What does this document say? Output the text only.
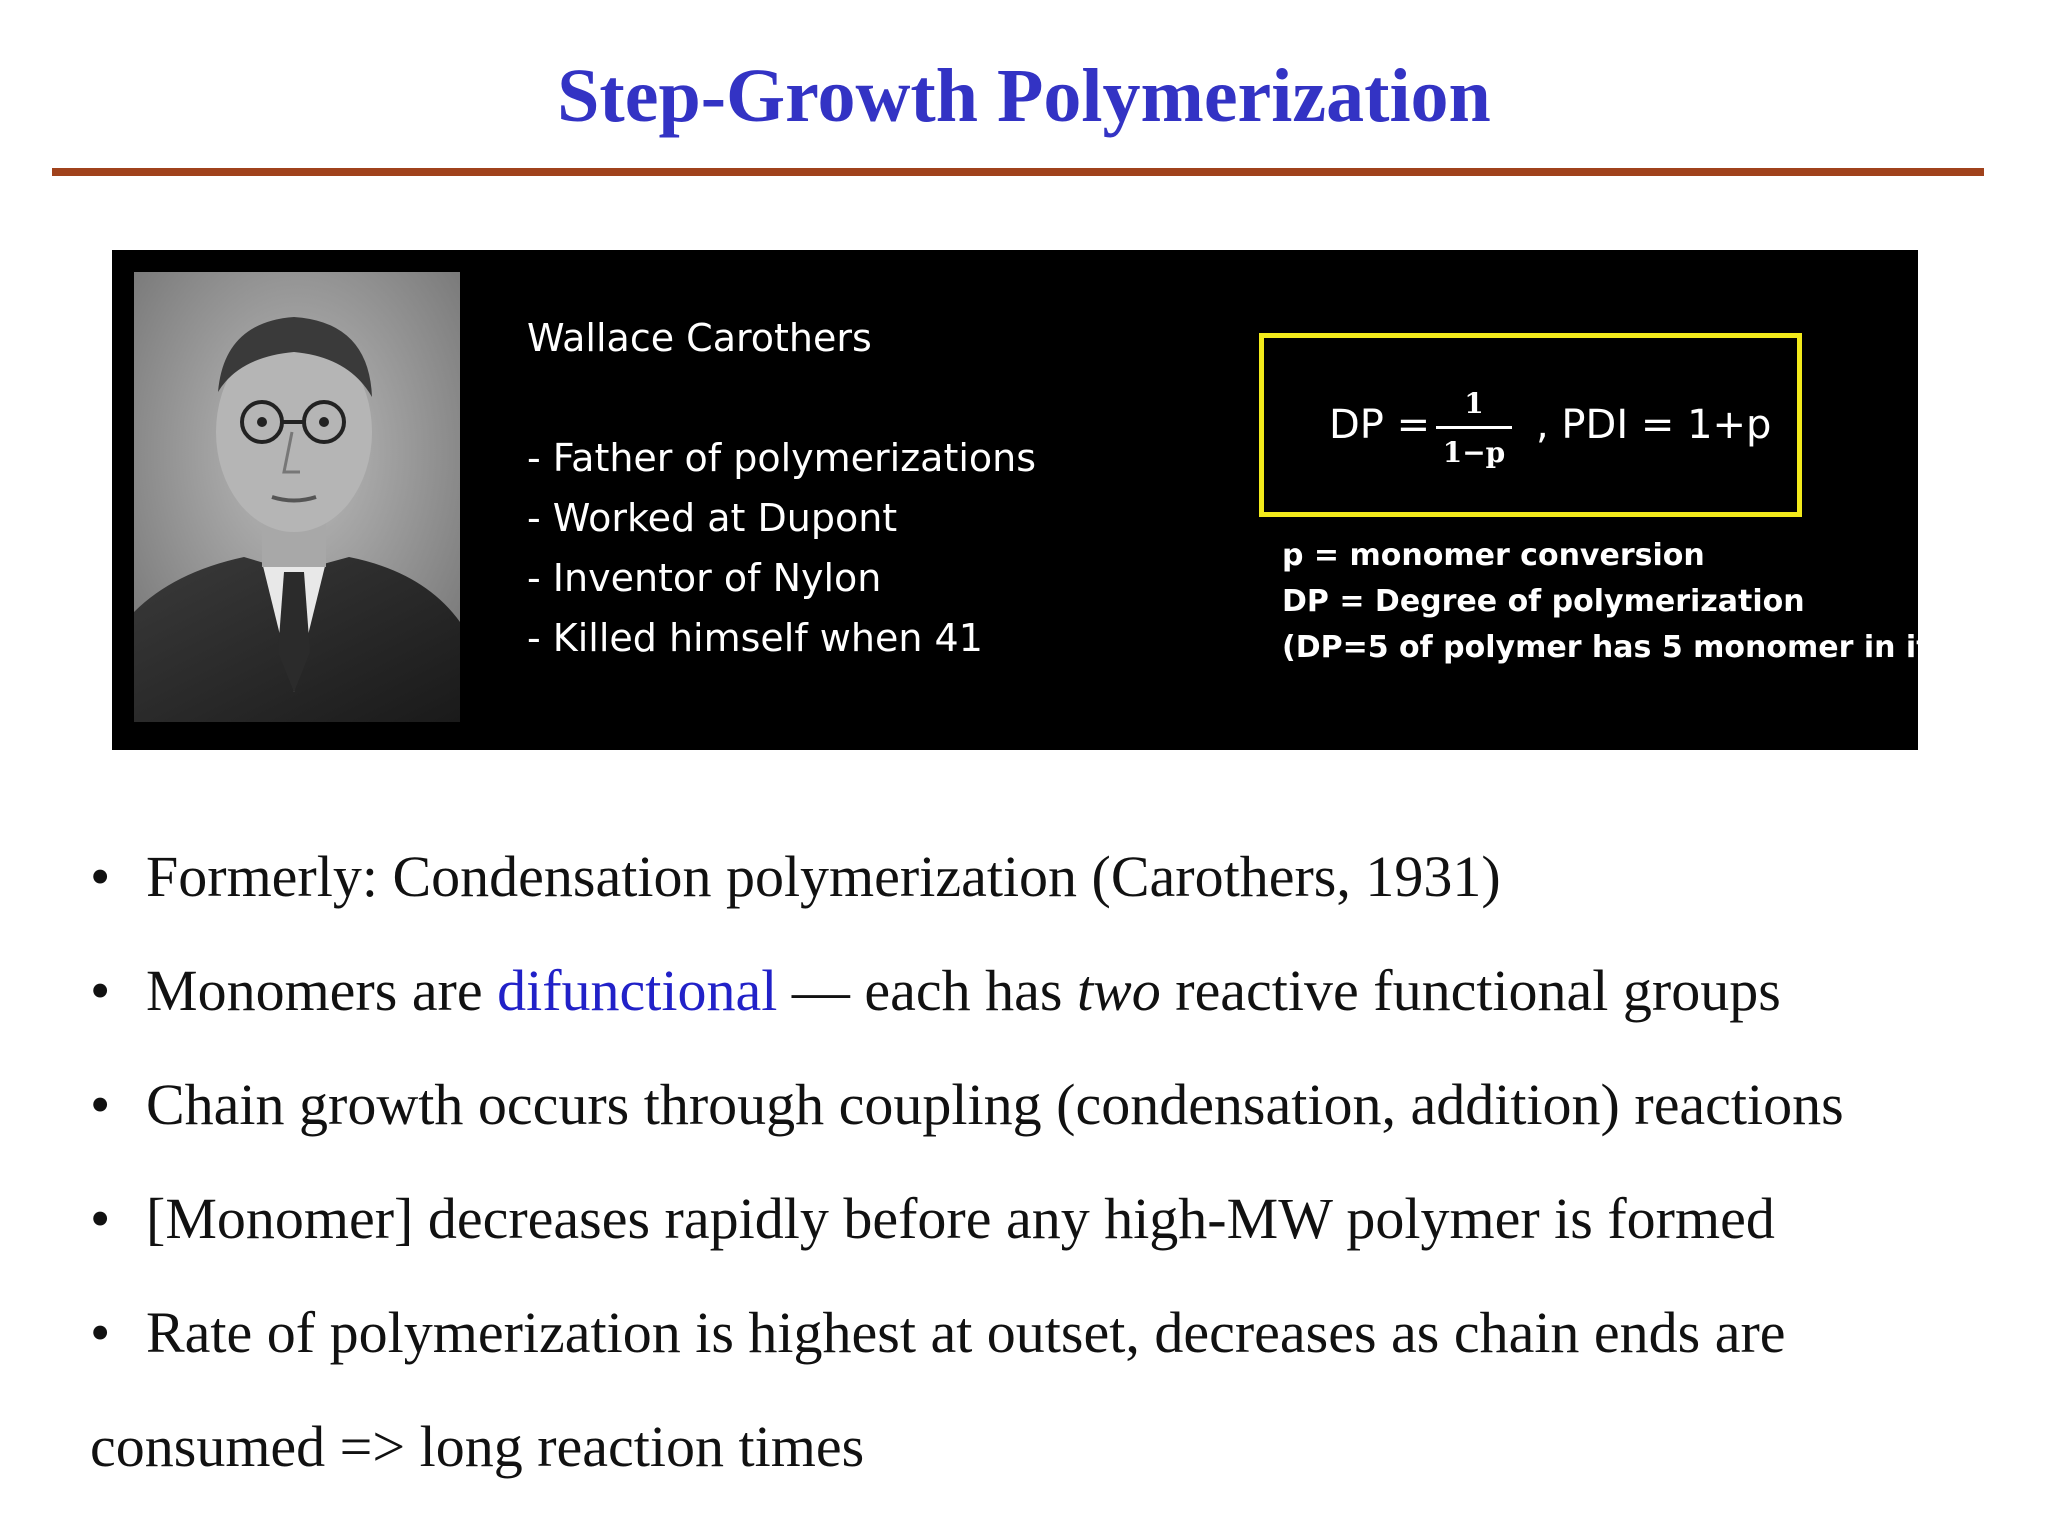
Step-Growth Polymerization
Wallace Carothers
- Father of polymerizations
- Worked at Dupont
- Inventor of Nylon
- Killed himself when 41
DP =	1
1−p
, PDI = 1+p
p = monomer conversion
DP = Degree of polymerization
(DP=5 of polymer has 5 monomer in it)
• Formerly: Condensation polymerization (Carothers, 1931)
• Monomers are difunctional — each has two reactive functional groups
• Chain growth occurs through coupling (condensation, addition) reactions
• [Monomer] decreases rapidly before any high-MW polymer is formed
• Rate of polymerization is highest at outset, decreases as chain ends are
consumed => long reaction times
